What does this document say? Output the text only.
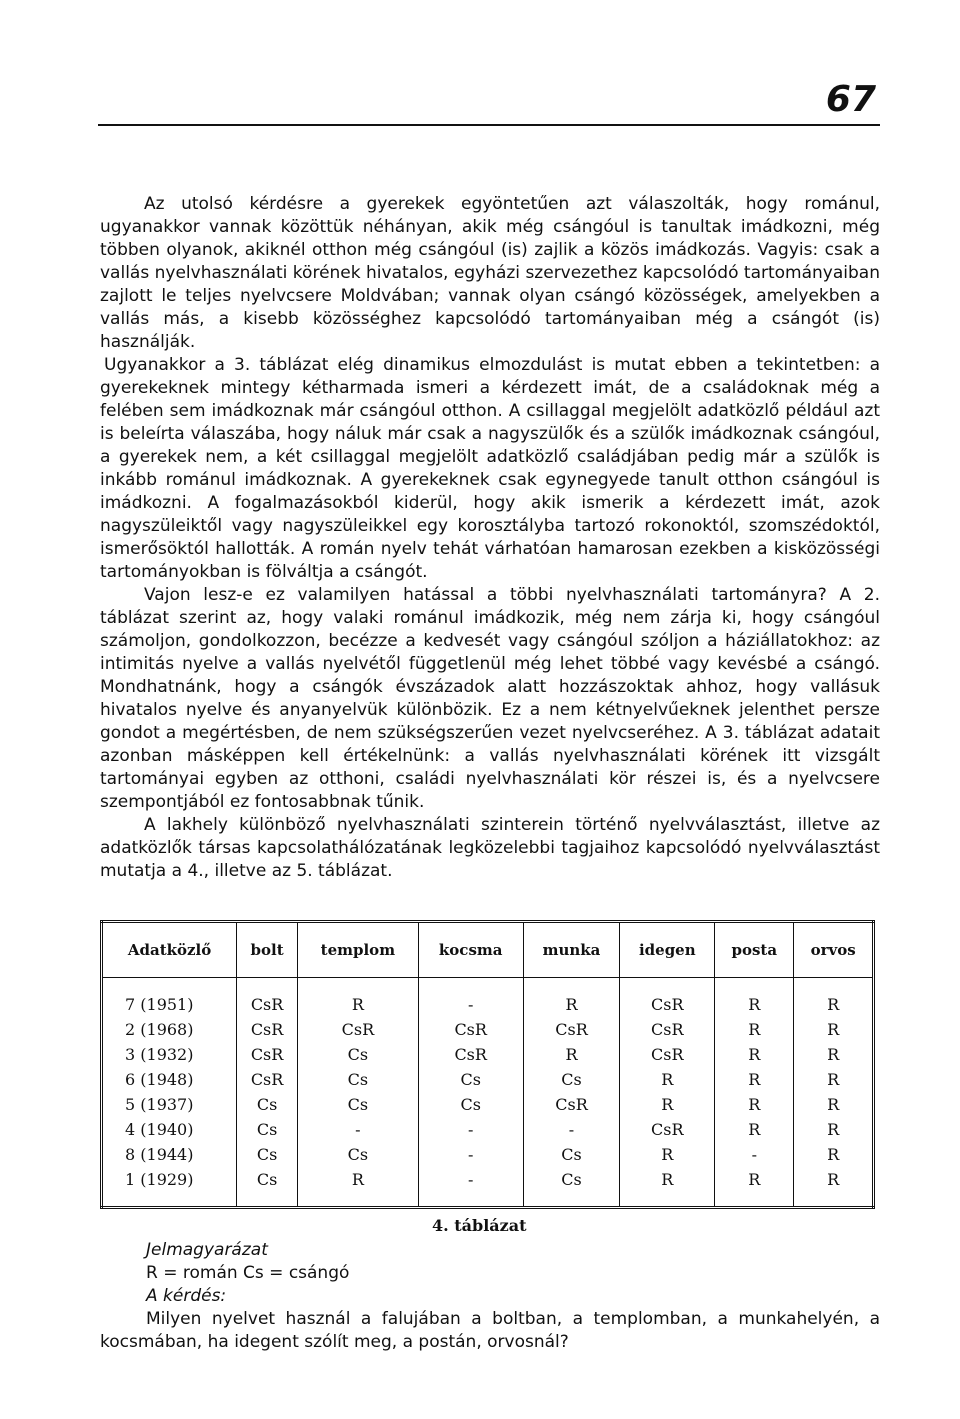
67

Az utolsó kérdésre a gyerekek egyöntetűen azt válaszolták, hogy románul, ugyanakkor vannak közöttük néhányan, akik még csángóul is tanultak imádkozni, még többen olyanok, akiknél otthon még csángóul (is) zajlik a közös imádkozás. Vagyis: csak a vallás nyelvhasználati körének hivatalos, egyházi szervezethez kapcsolódó tartományaiban zajlott le teljes nyelvcsere Moldvában; vannak olyan csángó közösségek, amelyekben a vallás más, a kisebb közösséghez kapcsolódó tartományaiban még a csángót (is) használják.

Ugyanakkor a 3. táblázat elég dinamikus elmozdulást is mutat ebben a tekintetben: a gyerekeknek mintegy kétharmada ismeri a kérdezett imát, de a családoknak még a felében sem imádkoznak már csángóul otthon. A csillaggal megjelölt adatközlő például azt is beleírta válaszába, hogy náluk már csak a nagyszülők és a szülők imádkoznak csángóul, a gyerekek nem, a két csillaggal megjelölt adatközlő családjában pedig már a szülők is inkább románul imádkoznak. A gyerekeknek csak egynegyede tanult otthon csángóul is imádkozni. A fogalmazásokból kiderül, hogy akik ismerik a kérdezett imát, azok nagyszüleiktől vagy nagyszüleikkel egy korosztályba tartozó rokonoktól, szomszédoktól, ismerősöktól hallották. A román nyelv tehát várhatóan hamarosan ezekben a kisközösségi tartományokban is fölváltja a csángót.

Vajon lesz-e ez valamilyen hatással a többi nyelvhasználati tartományra? A 2. táblázat szerint az, hogy valaki románul imádkozik, még nem zárja ki, hogy csángóul számoljon, gondolkozzon, becézze a kedvesét vagy csángóul szóljon a háziállatokhoz: az intimitás nyelve a vallás nyelvétől függetlenül még lehet többé vagy kevésbé a csángó. Mondhatnánk, hogy a csángók évszázadok alatt hozzászoktak ahhoz, hogy vallásuk hivatalos nyelve és anyanyelvük különbözik. Ez a nem kétnyelvűeknek jelenthet persze gondot a megértésben, de nem szükségszerűen vezet nyelvcseréhez. A 3. táblázat adatait azonban másképpen kell értékelnünk: a vallás nyelvhasználati körének itt vizsgált tartományai egyben az otthoni, családi nyelvhasználati kör részei is, és a nyelvcsere szempontjából ez fontosabbnak tűnik.

A lakhely különböző nyelvhasználati szinterein történő nyelvválasztást, illetve az adatközlők társas kapcsolathálózatának legközelebbi tagjaihoz kapcsolódó nyelvválasztást mutatja a 4., illetve az 5. táblázat.

Adatközlő	bolt	templom	kocsma	munka	idegen	posta	orvos
7 (1951)	CsR	R	-	R	CsR	R	R
2 (1968)	CsR	CsR	CsR	CsR	CsR	R	R
3 (1932)	CsR	Cs	CsR	R	CsR	R	R
6 (1948)	CsR	Cs	Cs	Cs	R	R	R
5 (1937)	Cs	Cs	Cs	CsR	R	R	R
4 (1940)	Cs	-	-	-	CsR	R	R
8 (1944)	Cs	Cs	-	Cs	R	-	R
1 (1929)	Cs	R	-	Cs	R	R	R
4. táblázat

Jelmagyarázat

R = román Cs = csángó

A kérdés:

Milyen nyelvet használ a falujában a boltban, a templomban, a munkahelyén, a kocsmában, ha idegent szólít meg, a postán, orvosnál?
